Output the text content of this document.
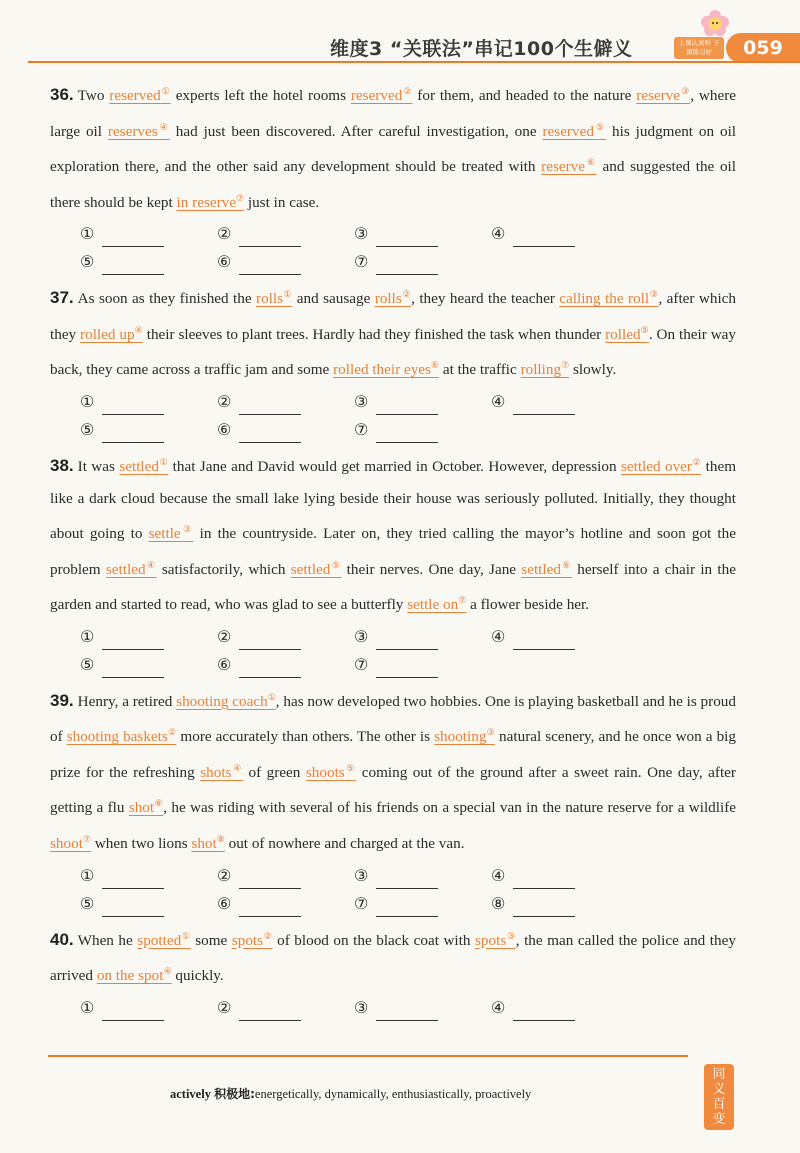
维度3 “关联法”串记100个生僻义	上课认真听 下课练习好	059

36. Two reserved① experts left the hotel rooms reserved② for them, and headed to the nature reserve③, where large oil reserves④ had just been discovered. After careful investigation, one reserved⑤ his judgment on oil exploration there, and the other said any development should be treated with reserve⑥ and suggested the oil there should be kept in reserve⑦ just in case.

①	②	③	④
⑤	⑥	⑦

37. As soon as they finished the rolls① and sausage rolls②, they heard the teacher calling the roll③, after which they rolled up④ their sleeves to plant trees. Hardly had they finished the task when thunder rolled⑤. On their way back, they came across a traffic jam and some rolled their eyes⑥ at the traffic rolling⑦ slowly.

①	②	③	④
⑤	⑥	⑦

38. It was settled① that Jane and David would get married in October. However, depression settled over② them like a dark cloud because the small lake lying beside their house was seriously polluted. Initially, they thought about going to settle③ in the countryside. Later on, they tried calling the mayor’s hotline and soon got the problem settled④ satisfactorily, which settled⑤ their nerves. One day, Jane settled⑥ herself into a chair in the garden and started to read, who was glad to see a butterfly settle on⑦ a flower beside her.

①	②	③	④
⑤	⑥	⑦

39. Henry, a retired shooting coach①, has now developed two hobbies. One is playing basketball and he is proud of shooting baskets② more accurately than others. The other is shooting③ natural scenery, and he once won a big prize for the refreshing shots④ of green shoots⑤ coming out of the ground after a sweet rain. One day, after getting a flu shot⑥, he was riding with several of his friends on a special van in the nature reserve for a wildlife shoot⑦ when two lions shot⑧ out of nowhere and charged at the van.

①	②	③	④
⑤	⑥	⑦	⑧

40. When he spotted① some spots② of blood on the black coat with spots③, the man called the police and they arrived on the spot④ quickly.

①	②	③	④
actively 积极地:energetically, dynamically, enthusiastically, proactively
同
义
百
变
